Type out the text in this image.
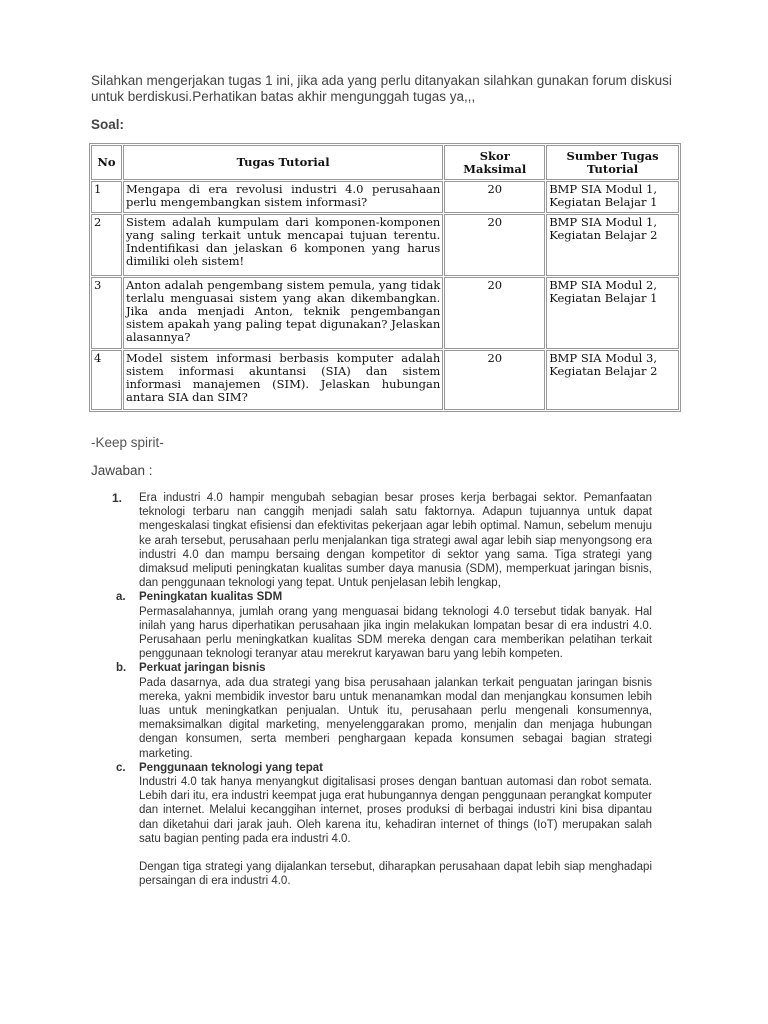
Silahkan mengerjakan tugas 1 ini, jika ada yang perlu ditanyakan silahkan gunakan forum diskusi untuk berdiskusi.Perhatikan batas akhir mengunggah tugas ya,,,
Soal:
No	Tugas Tutorial	Skor Maksimal	Sumber Tugas Tutorial
1	Mengapa di era revolusi industri 4.0 perusahaan perlu mengembangkan sistem informasi?	20	BMP SIA Modul 1, Kegiatan Belajar 1
2	Sistem adalah kumpulam dari komponen-komponen yang saling terkait untuk mencapai tujuan terentu. Indentifikasi dan jelaskan 6 komponen yang harus dimiliki oleh sistem!	20	BMP SIA Modul 1, Kegiatan Belajar 2
3	Anton adalah pengembang sistem pemula, yang tidak terlalu menguasai sistem yang akan dikembangkan. Jika anda menjadi Anton, teknik pengembangan sistem apakah yang paling tepat digunakan? Jelaskan alasannya?	20	BMP SIA Modul 2, Kegiatan Belajar 1
4	Model sistem informasi berbasis komputer adalah sistem informasi akuntansi (SIA) dan sistem informasi manajemen (SIM). Jelaskan hubungan antara SIA dan SIM?	20	BMP SIA Modul 3, Kegiatan Belajar 2
-Keep spirit-
Jawaban :
1. Era industri 4.0 hampir mengubah sebagian besar proses kerja berbagai sektor. Pemanfaatan teknologi terbaru nan canggih menjadi salah satu faktornya. Adapun tujuannya untuk dapat mengeskalasi tingkat efisiensi dan efektivitas pekerjaan agar lebih optimal. Namun, sebelum menuju ke arah tersebut, perusahaan perlu menjalankan tiga strategi awal agar lebih siap menyongsong era industri 4.0 dan mampu bersaing dengan kompetitor di sektor yang sama. Tiga strategi yang dimaksud meliputi peningkatan kualitas sumber daya manusia (SDM), memperkuat jaringan bisnis, dan penggunaan teknologi yang tepat. Untuk penjelasan lebih lengkap,
a. Peningkatan kualitas SDM
Permasalahannya, jumlah orang yang menguasai bidang teknologi 4.0 tersebut tidak banyak. Hal inilah yang harus diperhatikan perusahaan jika ingin melakukan lompatan besar di era industri 4.0. Perusahaan perlu meningkatkan kualitas SDM mereka dengan cara memberikan pelatihan terkait penggunaan teknologi teranyar atau merekrut karyawan baru yang lebih kompeten.
b. Perkuat jaringan bisnis
Pada dasarnya, ada dua strategi yang bisa perusahaan jalankan terkait penguatan jaringan bisnis mereka, yakni membidik investor baru untuk menanamkan modal dan menjangkau konsumen lebih luas untuk meningkatkan penjualan. Untuk itu, perusahaan perlu mengenali konsumennya, memaksimalkan digital marketing, menyelenggarakan promo, menjalin dan menjaga hubungan dengan konsumen, serta memberi penghargaan kepada konsumen sebagai bagian strategi marketing.
c. Penggunaan teknologi yang tepat
Industri 4.0 tak hanya menyangkut digitalisasi proses dengan bantuan automasi dan robot semata. Lebih dari itu, era industri keempat juga erat hubungannya dengan penggunaan perangkat komputer dan internet. Melalui kecanggihan internet, proses produksi di berbagai industri kini bisa dipantau dan diketahui dari jarak jauh. Oleh karena itu, kehadiran internet of things (IoT) merupakan salah satu bagian penting pada era industri 4.0.
Dengan tiga strategi yang dijalankan tersebut, diharapkan perusahaan dapat lebih siap menghadapi persaingan di era industri 4.0.
